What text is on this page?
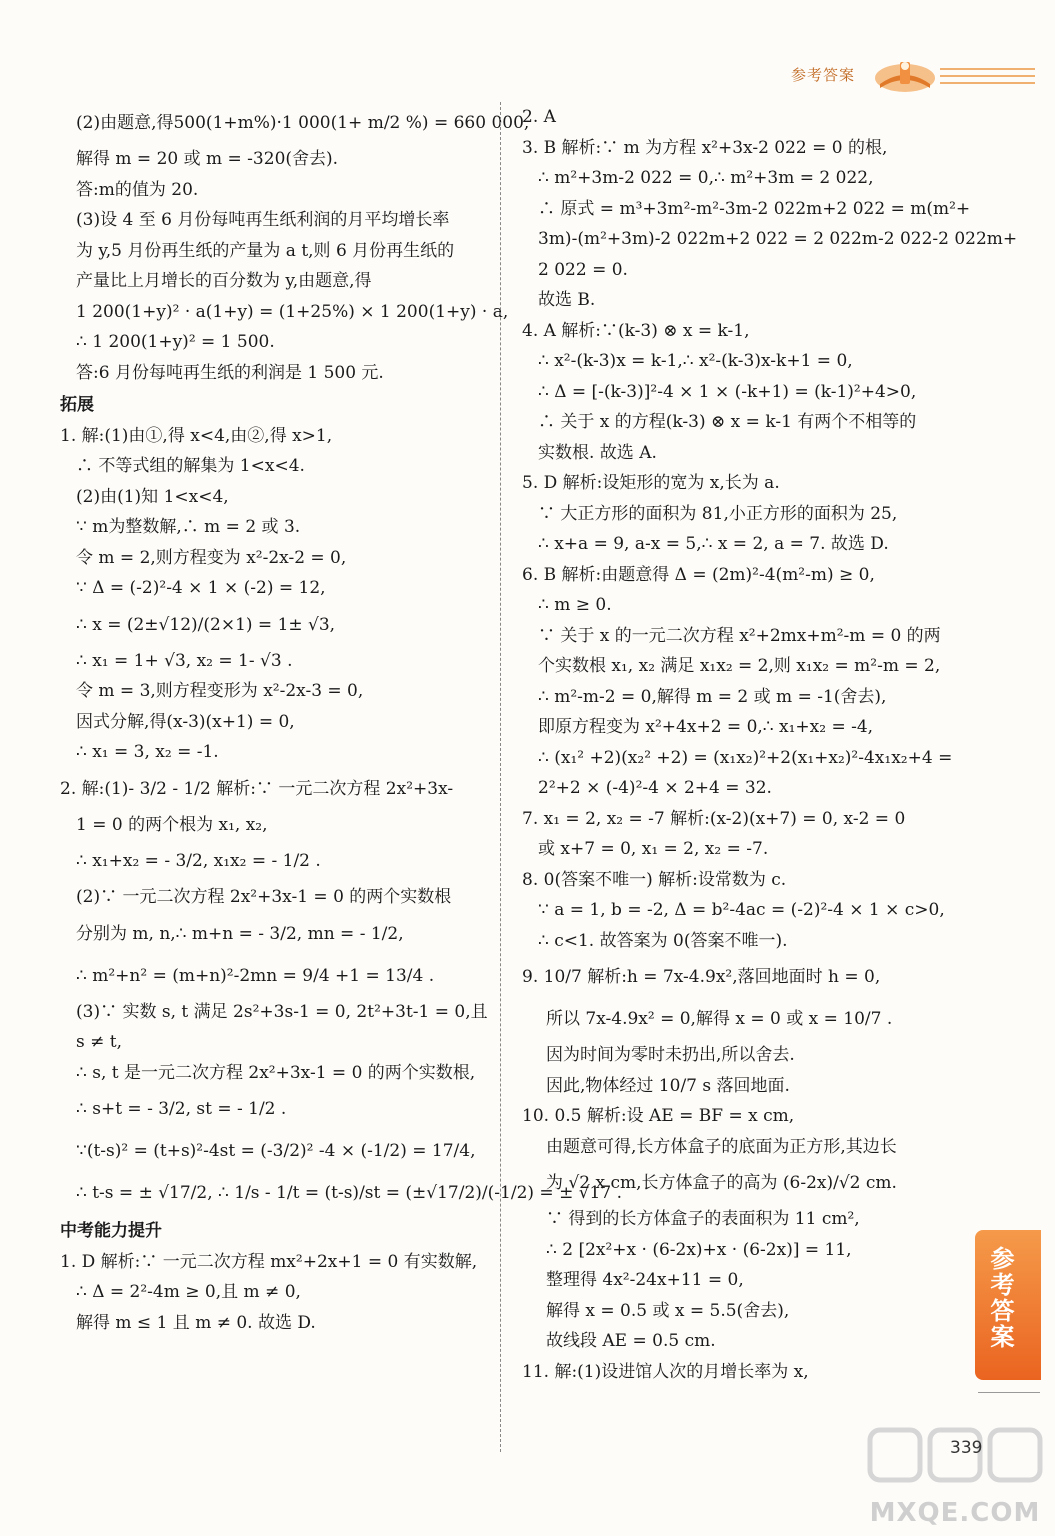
参考答案
(2)由题意,得500(1+m%)·1 000(1+ m/2 %) = 660 000,
解得 m = 20 或 m = -320(舍去).
答:m的值为 20.
(3)设 4 至 6 月份每吨再生纸利润的月平均增长率
为 y,5 月份再生纸的产量为 a t,则 6 月份再生纸的
产量比上月增长的百分数为 y,由题意,得
1 200(1+y)² · a(1+y) = (1+25%) × 1 200(1+y) · a,
∴ 1 200(1+y)² = 1 500.
答:6 月份每吨再生纸的利润是 1 500 元.
拓展
1. 解:(1)由①,得 x<4,由②,得 x>1,
∴ 不等式组的解集为 1<x<4.
(2)由(1)知 1<x<4,
∵ m为整数解,∴ m = 2 或 3.
令 m = 2,则方程变为 x²-2x-2 = 0,
∵ Δ = (-2)²-4 × 1 × (-2) = 12,
∴ x = (2±√12)/(2×1) = 1± √3,
∴ x₁ = 1+ √3, x₂ = 1- √3 .
令 m = 3,则方程变形为 x²-2x-3 = 0,
因式分解,得(x-3)(x+1) = 0,
∴ x₁ = 3, x₂ = -1.
2. 解:(1)- 3/2 - 1/2 解析:∵ 一元二次方程 2x²+3x-
1 = 0 的两个根为 x₁, x₂,
∴ x₁+x₂ = - 3/2, x₁x₂ = - 1/2 .
(2)∵ 一元二次方程 2x²+3x-1 = 0 的两个实数根
分别为 m, n,∴ m+n = - 3/2, mn = - 1/2,
∴ m²+n² = (m+n)²-2mn = 9/4 +1 = 13/4 .
(3)∵ 实数 s, t 满足 2s²+3s-1 = 0, 2t²+3t-1 = 0,且
s ≠ t,
∴ s, t 是一元二次方程 2x²+3x-1 = 0 的两个实数根,
∴ s+t = - 3/2, st = - 1/2 .
∵(t-s)² = (t+s)²-4st = (-3/2)² -4 × (-1/2) = 17/4,
∴ t-s = ± √17/2, ∴ 1/s - 1/t = (t-s)/st = (±√17/2)/(-1/2) = ± √17 .
中考能力提升
1. D 解析:∵ 一元二次方程 mx²+2x+1 = 0 有实数解,
∴ Δ = 2²-4m ≥ 0,且 m ≠ 0,
解得 m ≤ 1 且 m ≠ 0. 故选 D.
2. A
3. B 解析:∵ m 为方程 x²+3x-2 022 = 0 的根,
∴ m²+3m-2 022 = 0,∴ m²+3m = 2 022,
∴ 原式 = m³+3m²-m²-3m-2 022m+2 022 = m(m²+
3m)-(m²+3m)-2 022m+2 022 = 2 022m-2 022-2 022m+
2 022 = 0.
故选 B.
4. A 解析:∵(k-3) ⊗ x = k-1,
∴ x²-(k-3)x = k-1,∴ x²-(k-3)x-k+1 = 0,
∴ Δ = [-(k-3)]²-4 × 1 × (-k+1) = (k-1)²+4>0,
∴ 关于 x 的方程(k-3) ⊗ x = k-1 有两个不相等的
实数根. 故选 A.
5. D 解析:设矩形的宽为 x,长为 a.
∵ 大正方形的面积为 81,小正方形的面积为 25,
∴ x+a = 9, a-x = 5,∴ x = 2, a = 7. 故选 D.
6. B 解析:由题意得 Δ = (2m)²-4(m²-m) ≥ 0,
∴ m ≥ 0.
∵ 关于 x 的一元二次方程 x²+2mx+m²-m = 0 的两
个实数根 x₁, x₂ 满足 x₁x₂ = 2,则 x₁x₂ = m²-m = 2,
∴ m²-m-2 = 0,解得 m = 2 或 m = -1(舍去),
即原方程变为 x²+4x+2 = 0,∴ x₁+x₂ = -4,
∴ (x₁² +2)(x₂² +2) = (x₁x₂)²+2(x₁+x₂)²-4x₁x₂+4 =
2²+2 × (-4)²-4 × 2+4 = 32.
7. x₁ = 2, x₂ = -7 解析:(x-2)(x+7) = 0, x-2 = 0
或 x+7 = 0, x₁ = 2, x₂ = -7.
8. 0(答案不唯一) 解析:设常数为 c.
∵ a = 1, b = -2, Δ = b²-4ac = (-2)²-4 × 1 × c>0,
∴ c<1. 故答案为 0(答案不唯一).
9. 10/7 解析:h = 7x-4.9x²,落回地面时 h = 0,
所以 7x-4.9x² = 0,解得 x = 0 或 x = 10/7 .
因为时间为零时未扔出,所以舍去.
因此,物体经过 10/7 s 落回地面.
10. 0.5 解析:设 AE = BF = x cm,
由题意可得,长方体盒子的底面为正方形,其边长
为 √2 x cm,长方体盒子的高为 (6-2x)/√2 cm.
∵ 得到的长方体盒子的表面积为 11 cm²,
∴ 2 [2x²+x · (6-2x)+x · (6-2x)] = 11,
整理得 4x²-24x+11 = 0,
解得 x = 0.5 或 x = 5.5(舍去),
故线段 AE = 0.5 cm.
11. 解:(1)设进馆人次的月增长率为 x,
参考答案
MXQE.COM
339
